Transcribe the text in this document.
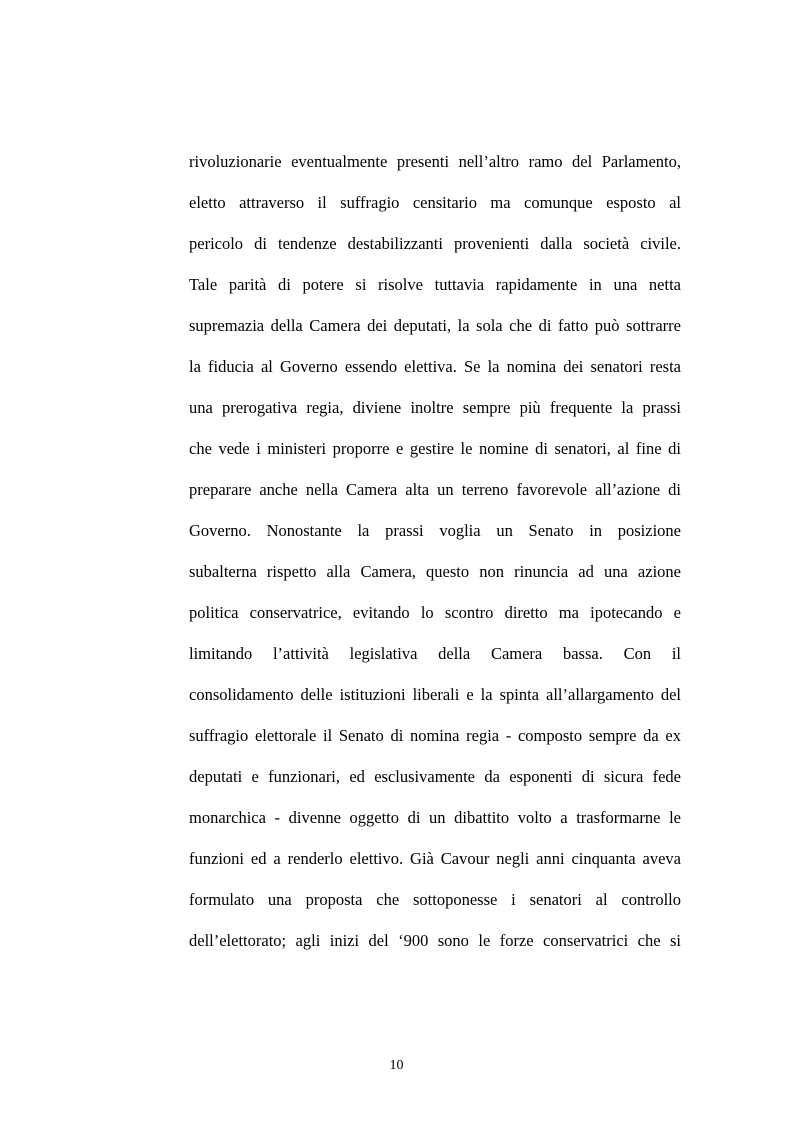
rivoluzionarie eventualmente presenti nell’altro ramo del Parlamento,
eletto attraverso il suffragio censitario ma comunque esposto al
pericolo di tendenze destabilizzanti provenienti dalla società civile.
Tale parità di potere si risolve tuttavia rapidamente in una netta
supremazia della Camera dei deputati, la sola che di fatto può sottrarre
la fiducia al Governo essendo elettiva. Se la nomina dei senatori resta
una prerogativa regia, diviene inoltre sempre più frequente la prassi
che vede i ministeri proporre e gestire le nomine di senatori, al fine di
preparare anche nella Camera alta un terreno favorevole all’azione di
Governo. Nonostante la prassi voglia un Senato in posizione
subalterna rispetto alla Camera, questo non rinuncia ad una azione
politica conservatrice, evitando lo scontro diretto ma ipotecando e
limitando l’attività legislativa della Camera bassa. Con il
consolidamento delle istituzioni liberali e la spinta all’allargamento del
suffragio elettorale il Senato di nomina regia - composto sempre da ex
deputati e funzionari, ed esclusivamente da esponenti di sicura fede
monarchica - divenne oggetto di un dibattito volto a trasformarne le
funzioni ed a renderlo elettivo. Già Cavour negli anni cinquanta aveva
formulato una proposta che sottoponesse i senatori al controllo
dell’elettorato; agli inizi del ‘900 sono le forze conservatrici che si
10
